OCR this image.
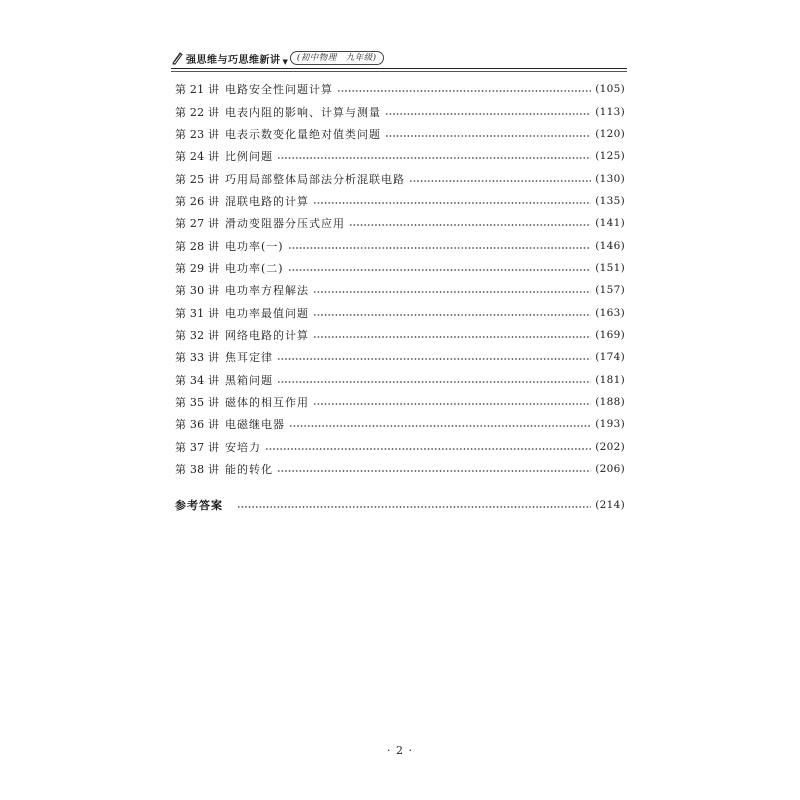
强思维与巧思维新讲 ▼	(初中物理　九年级)
第 21 讲 电路安全性问题计算	(105)
第 22 讲 电表内阻的影响、计算与测量	(113)
第 23 讲 电表示数变化量绝对值类问题	(120)
第 24 讲 比例问题	(125)
第 25 讲 巧用局部整体局部法分析混联电路	(130)
第 26 讲 混联电路的计算	(135)
第 27 讲 滑动变阻器分压式应用	(141)
第 28 讲 电功率(一)	(146)
第 29 讲 电功率(二)	(151)
第 30 讲 电功率方程解法	(157)
第 31 讲 电功率最值问题	(163)
第 32 讲 网络电路的计算	(169)
第 33 讲 焦耳定律	(174)
第 34 讲 黑箱问题	(181)
第 35 讲 磁体的相互作用	(188)
第 36 讲 电磁继电器	(193)
第 37 讲 安培力	(202)
第 38 讲 能的转化	(206)
参考答案	(214)
· 2 ·
